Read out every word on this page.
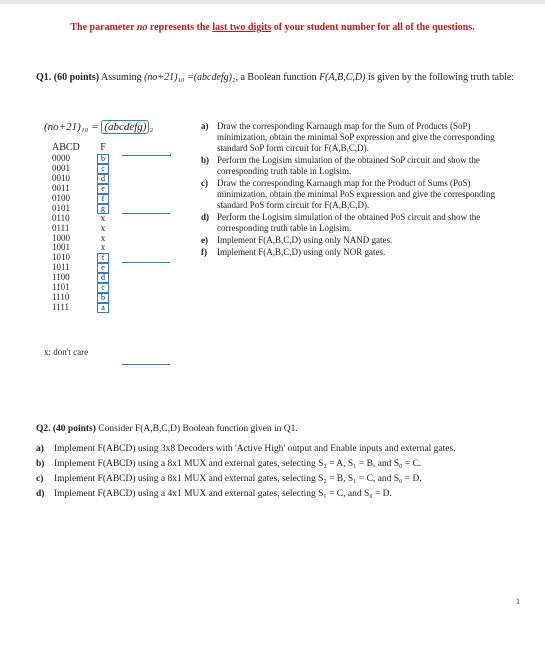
The parameter no represents the last two digits of your student number for all of the questions.
Q1. (60 points) Assuming (no+21)₁₀ =(abcdefg)₂, a Boolean function F(A,B,C,D) is given by the following truth table:
(no+21)₁₀ = (abcdefg) ₂
ABCD	F
0000	b
0001	c
0010	d
0011	e
0100	f
0101	g
0110	x
0111	x
1000	x
1001	x
1010	f
1011	e
1100	d
1101	c
1110	b
1111	a
x: don't care
a) Draw the corresponding Karnaugh map for the Sum of Products (SoP) minimization, obtain the minimal SoP expression and give the corresponding standard SoP form circuit for F(A,B,C,D).
b) Perform the Logisim simulation of the obtained SoP circuit and show the corresponding truth table in Logisim.
c)	Draw the corresponding Karnaugh map for the Product of Sums (PoS) minimization, obtain the minimal PoS expression and give the corresponding standard PoS form circuit for F(A,B,C,D).
d) Perform the Logisim simulation of the obtained PoS circuit and show the corresponding truth table in Logisim.
e)	Implement F(A,B,C,D) using only NAND gates.
f)	Implement F(A,B,C,D) using only NOR gates.
Q2. (40 points) Consider F(A,B,C,D) Boolean function given in Q1.
a)	Implement F(ABCD) using 3x8 Decoders with 'Active High' output and Enable inputs and external gates.
b)	Implement F(ABCD) using a 8x1 MUX and external gates, selecting S₂ = A, S₁ = B, and S₀ = C.
c)	Implement F(ABCD) using a 8x1 MUX and external gates, selecting S₂ = B, S₁ = C, and S₀ = D.
d)	Implement F(ABCD) using a 4x1 MUX and external gates, selecting S₁ = C, and S₀ = D.
1
